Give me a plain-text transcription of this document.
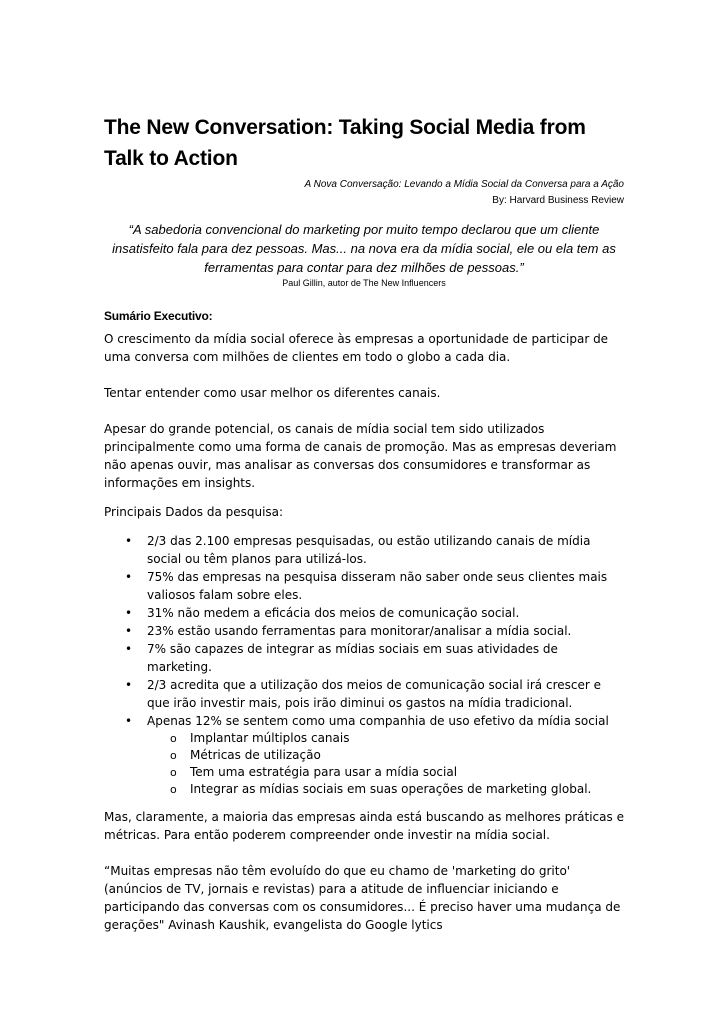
The New Conversation: Taking Social Media from Talk to Action
A Nova Conversação: Levando a Mídia Social da Conversa para a Ação
By: Harvard Business Review
“A sabedoria convencional do marketing por muito tempo declarou que um cliente insatisfeito fala para dez pessoas. Mas... na nova era da mídia social, ele ou ela tem as ferramentas para contar para dez milhões de pessoas.”
Paul Gillin, autor de The New Influencers
Sumário Executivo:

O crescimento da mídia social oferece às empresas a oportunidade de participar de uma conversa com milhões de clientes em todo o globo a cada dia.

Tentar entender como usar melhor os diferentes canais.

Apesar do grande potencial, os canais de mídia social tem sido utilizados principalmente como uma forma de canais de promoção. Mas as empresas deveriam não apenas ouvir, mas analisar as conversas dos consumidores e transformar as informações em insights.

Principais Dados da pesquisa:

• 2/3 das 2.100 empresas pesquisadas, ou estão utilizando canais de mídia social ou têm planos para utilizá-los.
• 75% das empresas na pesquisa disseram não saber onde seus clientes mais valiosos falam sobre eles.
• 31% não medem a eficácia dos meios de comunicação social.
• 23% estão usando ferramentas para monitorar/analisar a mídia social.
• 7% são capazes de integrar as mídias sociais em suas atividades de marketing.
• 2/3 acredita que a utilização dos meios de comunicação social irá crescer e que irão investir mais, pois irão diminui os gastos na mídia tradicional.
• Apenas 12% se sentem como uma companhia de uso efetivo da mídia social
o Implantar múltiplos canais
o Métricas de utilização
o Tem uma estratégia para usar a mídia social
o Integrar as mídias sociais em suas operações de marketing global.

Mas, claramente, a maioria das empresas ainda está buscando as melhores práticas e métricas. Para então poderem compreender onde investir na mídia social.

“Muitas empresas não têm evoluído do que eu chamo de 'marketing do grito' (anúncios de TV, jornais e revistas) para a atitude de influenciar iniciando e participando das conversas com os consumidores... É preciso haver uma mudança de gerações" Avinash Kaushik, evangelista do Google lytics
